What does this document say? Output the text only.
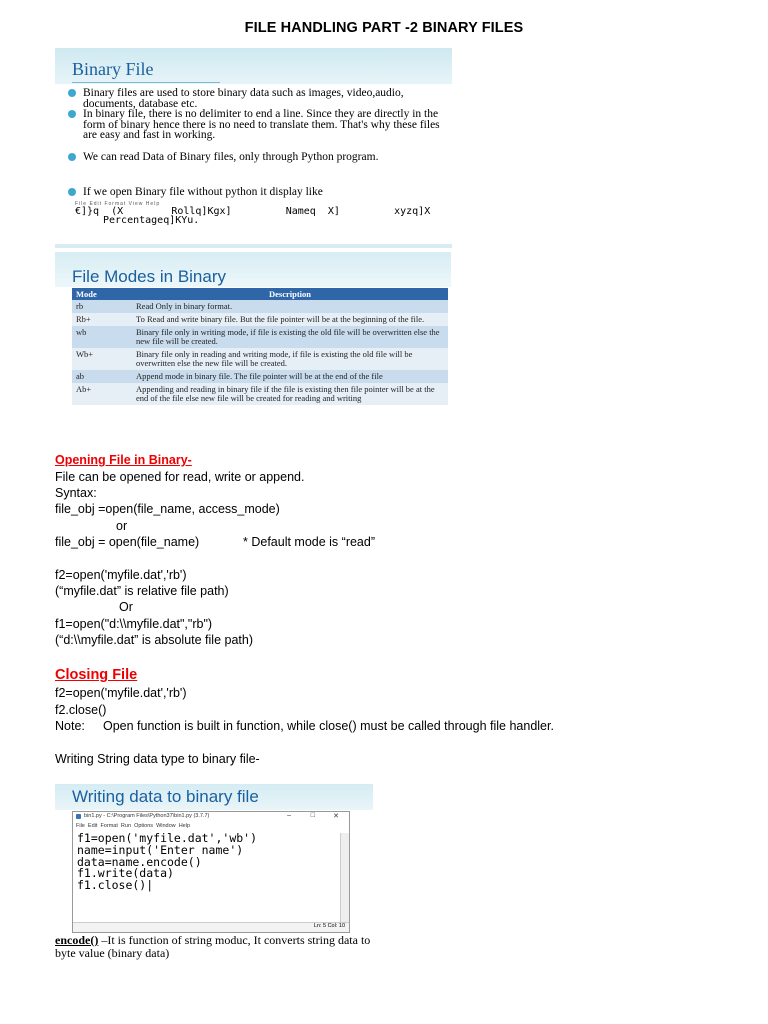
FILE HANDLING PART -2 BINARY FILES
Binary File
Binary files are used to store binary data such as images, video,audio, documents, database etc.
In binary file, there is no delimiter to end a line. Since they are directly in the form of binary hence there is no need to translate them. That's why these files are easy and fast in working.
We can read Data of Binary files, only through Python program.
If we open Binary file without python it display like
File Edit Format View Help
€]}q  (X        Rollq]Kgx]         Nameq  X]         xyzq]X
Percentageq]KYu.
File Modes in Binary
Mode	Description
rb	Read Only in binary format.
Rb+	To Read and write binary file. But the file pointer will be at the beginning of the file.
wb	Binary file only in writing mode, if file is existing the old file will be overwritten else the new file will be created.
Wb+	Binary file only in reading and writing mode, if file is existing the old file will be overwritten else the new file will be created.
ab	Append mode in binary file. The file pointer will be at the end of the file
Ab+	Appending and reading in binary file if the file is existing then file pointer will be at the end of the file else new file will be created for reading and writing
Opening File in Binary-
File can be opened for read, write or append.
Syntax:
file_obj =open(file_name, access_mode)
or
file_obj = open(file_name)	* Default mode is “read”
f2=open('myfile.dat','rb')
(“myfile.dat” is relative file path)
Or
f1=open("d:\\myfile.dat","rb")
(“d:\\myfile.dat” is absolute file path)
Closing File
f2=open('myfile.dat','rb')
f2.close()
Note: Open function is built in function, while close() must be called through file handler.
Writing String data type to binary file-
Writing data to binary file
bin1.py - C:\Program Files\Python37\bin1.py (3.7.7)	–	□	✕
File  Edit  Format  Run  Options  Window  Help
f1=open('myfile.dat','wb')
name=input('Enter name')
data=name.encode()
f1.write(data)
f1.close()|
Ln: 5 Col: 10
encode() –It is function of string moduc, It converts string data to byte value (binary data)
